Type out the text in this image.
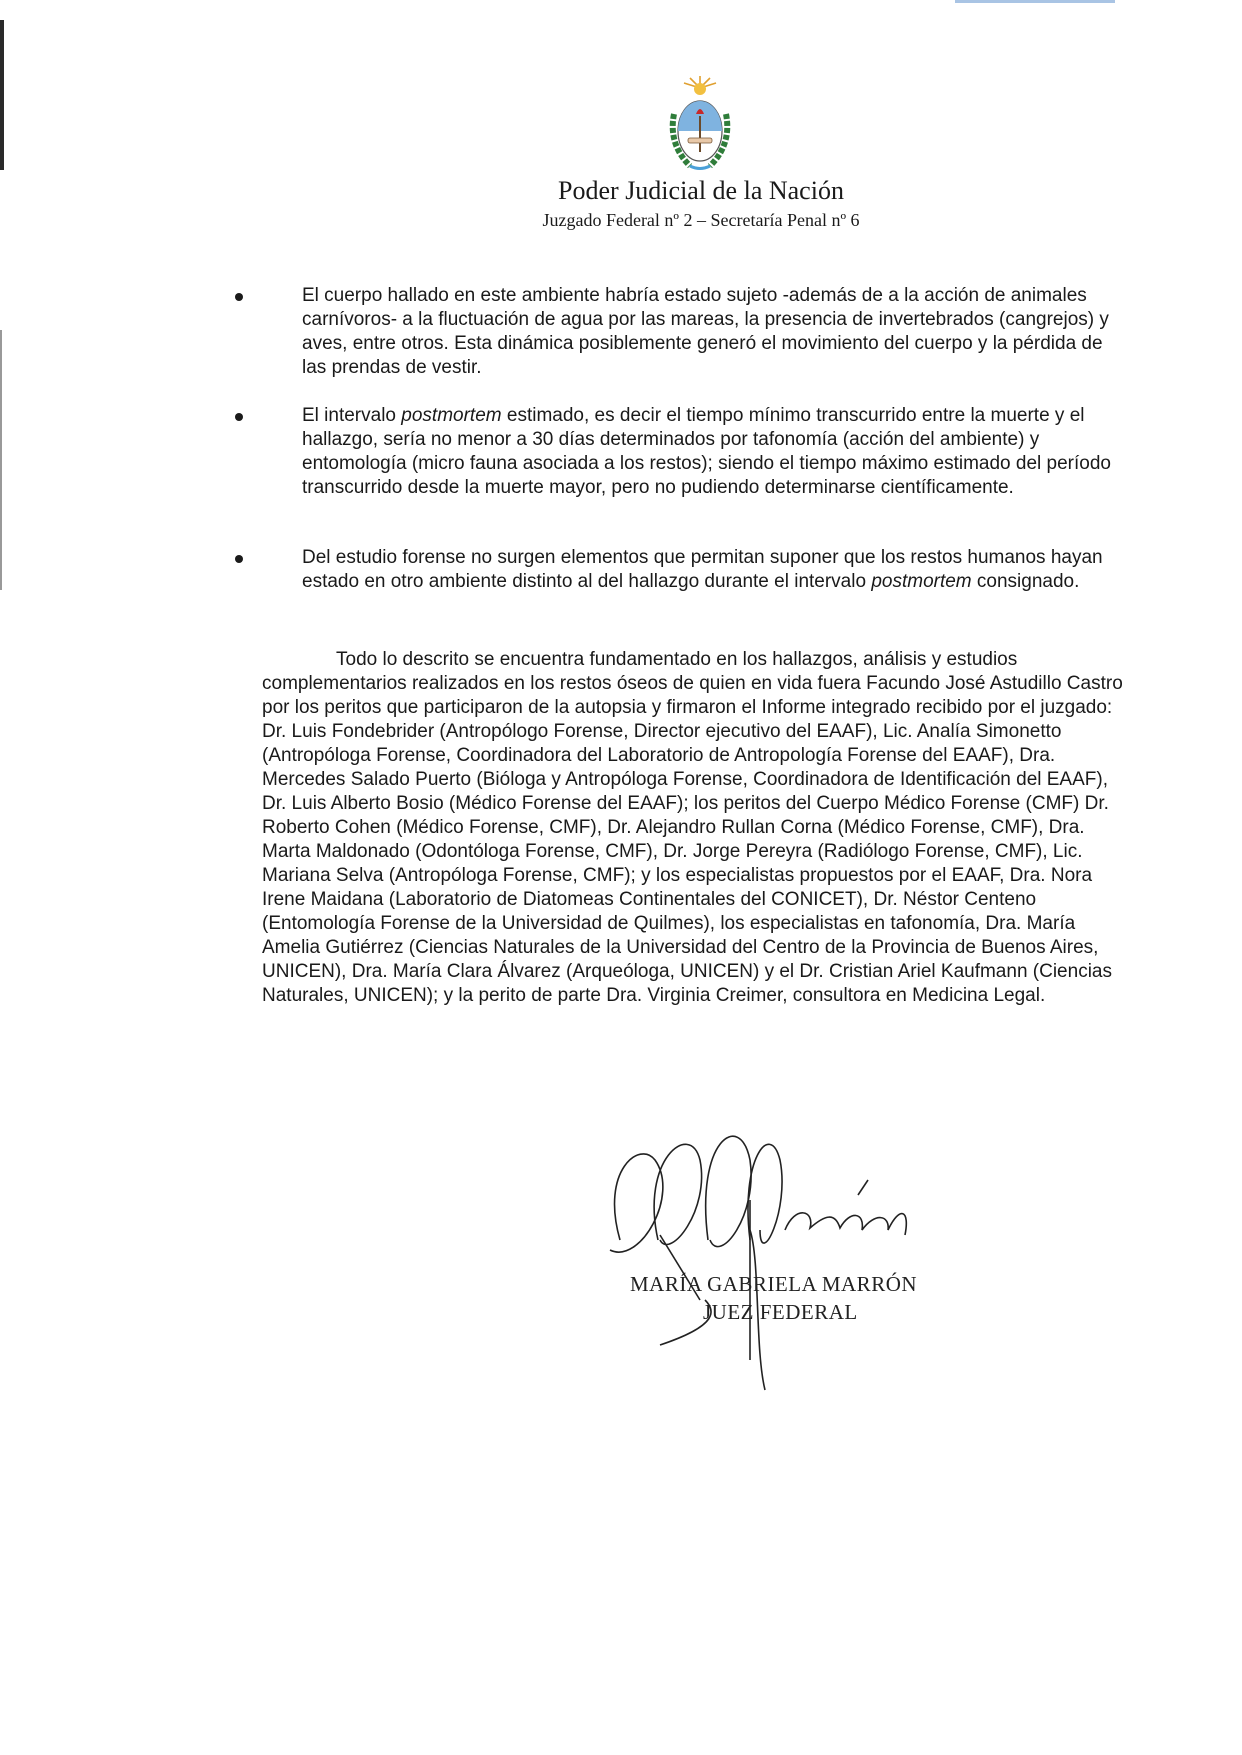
Poder Judicial de la Nación
Juzgado Federal nº 2 – Secretaría Penal nº 6
El cuerpo hallado en este ambiente habría estado sujeto -además de a la acción de animales carnívoros- a la fluctuación de agua por las mareas, la presencia de invertebrados (cangrejos) y aves, entre otros. Esta dinámica posiblemente generó el movimiento del cuerpo y la pérdida de las prendas de vestir.
El intervalo postmortem estimado, es decir el tiempo mínimo transcurrido entre la muerte y el hallazgo, sería no menor a 30 días determinados por tafonomía (acción del ambiente) y entomología (micro fauna asociada a los restos); siendo el tiempo máximo estimado del período transcurrido desde la muerte mayor, pero no pudiendo determinarse científicamente.
Del estudio forense no surgen elementos que permitan suponer que los restos humanos hayan estado en otro ambiente distinto al del hallazgo durante el intervalo postmortem consignado.

Todo lo descrito se encuentra fundamentado en los hallazgos, análisis y estudios complementarios realizados en los restos óseos de quien en vida fuera Facundo José Astudillo Castro por los peritos que participaron de la autopsia y firmaron el Informe integrado recibido por el juzgado: Dr. Luis Fondebrider (Antropólogo Forense, Director ejecutivo del EAAF), Lic. Analía Simonetto (Antropóloga Forense, Coordinadora del Laboratorio de Antropología Forense del EAAF), Dra. Mercedes Salado Puerto (Bióloga y Antropóloga Forense, Coordinadora de Identificación del EAAF), Dr. Luis Alberto Bosio (Médico Forense del EAAF); los peritos del Cuerpo Médico Forense (CMF) Dr. Roberto Cohen (Médico Forense, CMF), Dr. Alejandro Rullan Corna (Médico Forense, CMF), Dra. Marta Maldonado (Odontóloga Forense, CMF), Dr. Jorge Pereyra (Radiólogo Forense, CMF), Lic. Mariana Selva (Antropóloga Forense, CMF); y los especialistas propuestos por el EAAF, Dra. Nora Irene Maidana (Laboratorio de Diatomeas Continentales del CONICET), Dr. Néstor Centeno (Entomología Forense de la Universidad de Quilmes), los especialistas en tafonomía, Dra. María Amelia Gutiérrez (Ciencias Naturales de la Universidad del Centro de la Provincia de Buenos Aires, UNICEN), Dra. María Clara Álvarez (Arqueóloga, UNICEN) y el Dr. Cristian Ariel Kaufmann (Ciencias Naturales, UNICEN); y la perito de parte Dra. Virginia Creimer, consultora en Medicina Legal.

MARÍA GABRIELA MARRÓN
JUEZ FEDERAL
